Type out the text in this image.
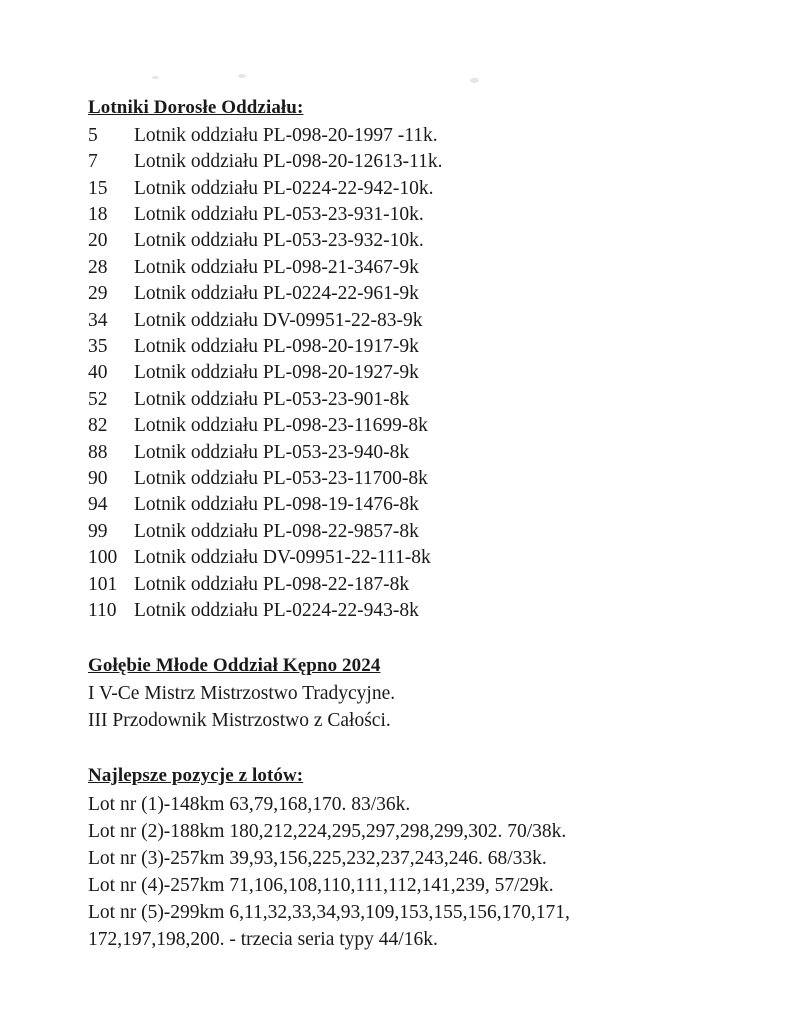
Lotniki Dorosłe Oddziału:
5	Lotnik oddziału PL-098-20-1997 -11k.
7	Lotnik oddziału PL-098-20-12613-11k.
15	Lotnik oddziału PL-0224-22-942-10k.
18	Lotnik oddziału PL-053-23-931-10k.
20	Lotnik oddziału PL-053-23-932-10k.
28	Lotnik oddziału PL-098-21-3467-9k
29	Lotnik oddziału PL-0224-22-961-9k
34	Lotnik oddziału DV-09951-22-83-9k
35	Lotnik oddziału PL-098-20-1917-9k
40	Lotnik oddziału PL-098-20-1927-9k
52	Lotnik oddziału PL-053-23-901-8k
82	Lotnik oddziału PL-098-23-11699-8k
88	Lotnik oddziału PL-053-23-940-8k
90	Lotnik oddziału PL-053-23-11700-8k
94	Lotnik oddziału PL-098-19-1476-8k
99	Lotnik oddziału PL-098-22-9857-8k
100 Lotnik oddziału DV-09951-22-111-8k
101 Lotnik oddziału PL-098-22-187-8k
110 Lotnik oddziału PL-0224-22-943-8k
Gołębie Młode Oddział Kępno 2024
I V-Ce Mistrz Mistrzostwo Tradycyjne.
III Przodownik Mistrzostwo z Całości.
Najlepsze pozycje z lotów:
Lot nr (1)-148km 63,79,168,170. 83/36k.
Lot nr (2)-188km 180,212,224,295,297,298,299,302. 70/38k.
Lot nr (3)-257km 39,93,156,225,232,237,243,246. 68/33k.
Lot nr (4)-257km 71,106,108,110,111,112,141,239, 57/29k.
Lot nr (5)-299km 6,11,32,33,34,93,109,153,155,156,170,171,
172,197,198,200. - trzecia seria typy 44/16k.
